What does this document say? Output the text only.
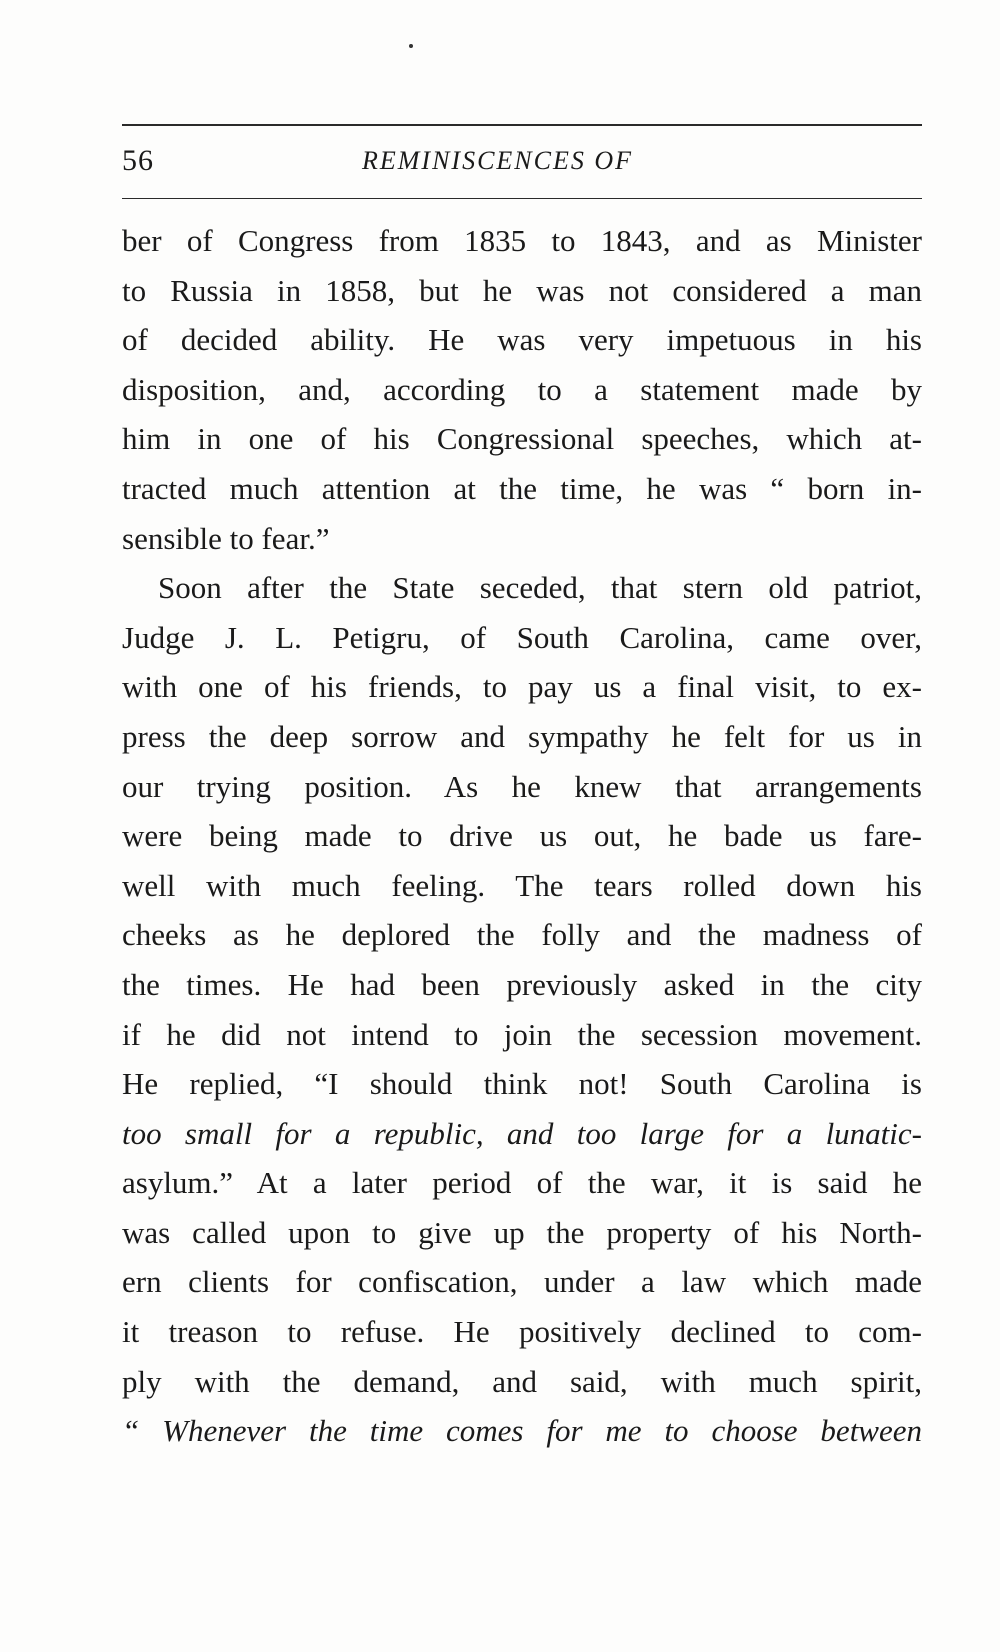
56	REMINISCENCES OF
ber of Congress from 1835 to 1843, and as Minister
to Russia in 1858, but he was not considered a man
of decided ability. He was very impetuous in his
disposition, and, according to a statement made by
him in one of his Congressional speeches, which at-
tracted much attention at the time, he was “ born in-
sensible to fear.”
Soon after the State seceded, that stern old patriot,
Judge J. L. Petigru, of South Carolina, came over,
with one of his friends, to pay us a final visit, to ex-
press the deep sorrow and sympathy he felt for us in
our trying position. As he knew that arrangements
were being made to drive us out, he bade us fare-
well with much feeling. The tears rolled down his
cheeks as he deplored the folly and the madness of
the times. He had been previously asked in the city
if he did not intend to join the secession movement.
He replied, “I should think not! South Carolina is
too small for a republic, and too large for a lunatic-
asylum.” At a later period of the war, it is said he
was called upon to give up the property of his North-
ern clients for confiscation, under a law which made
it treason to refuse. He positively declined to com-
ply with the demand, and said, with much spirit,
“ Whenever the time comes for me to choose between
